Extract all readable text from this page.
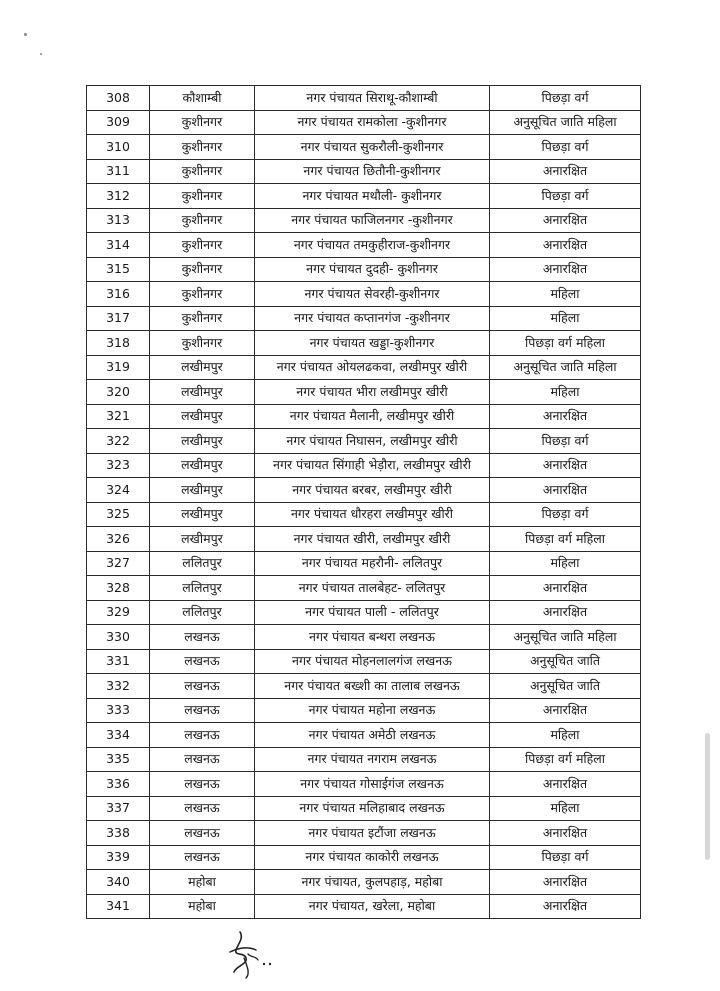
308	कौशाम्बी	नगर पंचायत सिराथू-कौशाम्बी	पिछड़ा वर्ग
309	कुशीनगर	नगर पंचायत रामकोला -कुशीनगर	अनुसूचित जाति महिला
310	कुशीनगर	नगर पंचायत सुकरौली-कुशीनगर	पिछड़ा वर्ग
311	कुशीनगर	नगर पंचायत छितौनी-कुशीनगर	अनारक्षित
312	कुशीनगर	नगर पंचायत मथौली- कुशीनगर	पिछड़ा वर्ग
313	कुशीनगर	नगर पंचायत फाजिलनगर -कुशीनगर	अनारक्षित
314	कुशीनगर	नगर पंचायत तमकुहीराज-कुशीनगर	अनारक्षित
315	कुशीनगर	नगर पंचायत दुदही- कुशीनगर	अनारक्षित
316	कुशीनगर	नगर पंचायत सेवरही-कुशीनगर	महिला
317	कुशीनगर	नगर पंचायत कप्तानगंज -कुशीनगर	महिला
318	कुशीनगर	नगर पंचायत खड्डा-कुशीनगर	पिछड़ा वर्ग महिला
319	लखीमपुर	नगर पंचायत ओयलढकवा, लखीमपुर खीरी	अनुसूचित जाति महिला
320	लखीमपुर	नगर पंचायत भीरा लखीमपुर खीरी	महिला
321	लखीमपुर	नगर पंचायत मैलानी, लखीमपुर खीरी	अनारक्षित
322	लखीमपुर	नगर पंचायत निघासन, लखीमपुर खीरी	पिछड़ा वर्ग
323	लखीमपुर	नगर पंचायत सिंगाही भेड़ौरा, लखीमपुर खीरी	अनारक्षित
324	लखीमपुर	नगर पंचायत बरबर, लखीमपुर खीरी	अनारक्षित
325	लखीमपुर	नगर पंचायत धौरहरा लखीमपुर खीरी	पिछड़ा वर्ग
326	लखीमपुर	नगर पंचायत खीरी, लखीमपुर खीरी	पिछड़ा वर्ग महिला
327	ललितपुर	नगर पंचायत महरौनी- ललितपुर	महिला
328	ललितपुर	नगर पंचायत तालबेहट- ललितपुर	अनारक्षित
329	ललितपुर	नगर पंचायत पाली - ललितपुर	अनारक्षित
330	लखनऊ	नगर पंचायत बन्थरा लखनऊ	अनुसूचित जाति महिला
331	लखनऊ	नगर पंचायत मोहनलालगंज लखनऊ	अनुसूचित जाति
332	लखनऊ	नगर पंचायत बख्शी का तालाब लखनऊ	अनुसूचित जाति
333	लखनऊ	नगर पंचायत महोना लखनऊ	अनारक्षित
334	लखनऊ	नगर पंचायत अमेठी लखनऊ	महिला
335	लखनऊ	नगर पंचायत नगराम लखनऊ	पिछड़ा वर्ग महिला
336	लखनऊ	नगर पंचायत गोसाईगंज लखनऊ	अनारक्षित
337	लखनऊ	नगर पंचायत मलिहाबाद लखनऊ	महिला
338	लखनऊ	नगर पंचायत इटौंजा लखनऊ	अनारक्षित
339	लखनऊ	नगर पंचायत काकोरी लखनऊ	पिछड़ा वर्ग
340	महोबा	नगर पंचायत, कुलपहाड़, महोबा	अनारक्षित
341	महोबा	नगर पंचायत, खरेला, महोबा	अनारक्षित
